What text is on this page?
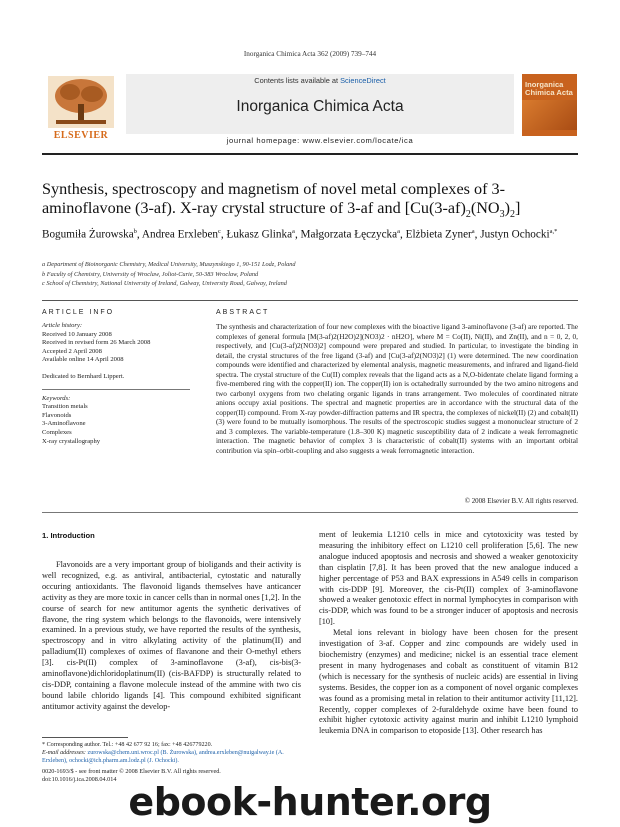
Inorganica Chimica Acta 362 (2009) 739–744
ELSEVIER
Contents lists available at ScienceDirect
Inorganica Chimica Acta
journal homepage: www.elsevier.com/locate/ica
Inorganica Chimica Acta
Synthesis, spectroscopy and magnetism of novel metal complexes of 3-aminoflavone (3-af). X-ray crystal structure of 3-af and $[Cu(3-af)_2(NO_3)_2]$
Bogumiła Żurowska$^b$, Andrea Erxleben$^c$, Łukasz Glinka$^a$, Małgorzata Łęczycka$^a$, Elżbieta Zyner$^a$, Justyn Ochocki$^{a,*}$
a Department of Bioinorganic Chemistry, Medical University, Muszynskiego 1, 90-151 Lodz, Poland
b Faculty of Chemistry, University of Wroclaw, Joliot-Curie, 50-383 Wroclaw, Poland
c School of Chemistry, National University of Ireland, Galway, University Road, Galway, Ireland
ARTICLE INFO	ABSTRACT
Article history:
Received 10 January 2008
Received in revised form 26 March 2008
Accepted 2 April 2008
Available online 14 April 2008
Dedicated to Bernhard Lippert.
Keywords:
Transition metals
Flavonoids
3-Aminoflavone
Complexes
X-ray crystallography
The synthesis and characterization of four new complexes with the bioactive ligand 3-aminoflavone (3-af) are reported. The complexes of general formula [M(3-af)2(H2O)2](NO3)2 · nH2O], where M = Co(II), Ni(II), and Zn(II), and n = 0, 2, 0, respectively, and [Cu(3-af)2(NO3)2] compound were prepared and studied. In particular, to investigate the binding in detail, the crystal structures of the free ligand (3-af) and [Cu(3-af)2(NO3)2] (1) were determined. The new coordination compounds were identified and characterized by elemental analysis, magnetic measurements, and infrared and ligand-field spectra. The crystal structure of the Cu(II) complex reveals that the ligand acts as a N,O-bidentate chelate ligand forming a five-membered ring with the copper(II) ion. The copper(II) ion is octahedrally surrounded by the two amino nitrogens and two carbonyl oxygens from two chelating organic ligands in trans arrangement. Two molecules of coordinated nitrate anions occupy axial positions. The spectral and magnetic properties are in accordance with the structural data of the copper(II) compound. From X-ray powder-diffraction patterns and IR spectra, the complexes of nickel(II) (2) and cobalt(II) (3) were found to be mutually isomorphous. The results of the spectroscopic studies suggest a mononuclear structure of 2 and 3 complexes. The variable-temperature (1.8–300 K) magnetic susceptibility data of 2 indicate a weak ferromagnetic interaction. The magnetic behavior of complex 3 is characteristic of cobalt(II) systems with an important orbital contribution via spin–orbit-coupling and also suggests a weak ferromagnetic interaction.
© 2008 Elsevier B.V. All rights reserved.
1. Introduction

Flavonoids are a very important group of bioligands and their activity is well recognized, e.g. as antiviral, antibacterial, cytostatic and naturally occuring antioxidants. The flavonoid ligands themselves have anticancer activity as they are more toxic in cancer cells than in normal ones [1,2]. In the course of search for new antitumor agents the synthetic derivatives of flavone, the ring system which belongs to the flavonoids, were intensively examined. In a previous study, we have reported the results of the synthesis, spectroscopy and in vitro alkylating activity of the platinum(II) and palladium(II) complexes of oximes of flavanone and their O-methyl ethers [3]. cis-Pt(II) complex of 3-aminoflavone (3-af), cis-bis(3-aminoflavone)dichloridoplatinum(II) (cis-BAFDP) is structurally related to cis-DDP, containing a flavone molecule instead of the ammine with two cis bound labile chlorido ligands [4]. This compound exhibited significant antitumor activity against the develop-

ment of leukemia L1210 cells in mice and cytotoxicity was tested by measuring the inhibitory effect on L1210 cell proliferation [5,6]. The new analogue induced apoptosis and necrosis and showed a weaker genotoxicity than cisplatin [7,8]. It has been proved that the new analogue induced a higher percentage of P53 and BAX expressions in A549 cells in comparison with cis-DDP [9]. Moreover, the cis-Pt(II) complex of 3-aminoflavone showed a weaker genotoxic effect in normal lymphocytes in comparison with cis-DDP, which was found to be a stronger inducer of apoptosis and necrosis [10].

Metal ions relevant in biology have been chosen for the present investigation of 3-af. Copper and zinc compounds are widely used in biochemistry (enzymes) and medicine; nickel is an essential trace element present in many hydrogenases and cobalt as constituent of vitamin B12 (which is necessary for the synthesis of nucleic acids) are essential in living systems. Besides, the copper ion as a component of novel organic complexes was found as a promising metal in relation to their antitumor activity [11,12]. Recently, copper complexes of 2-furaldehyde oxime have been found to exhibit higher cytotoxic activity against murin and inhibit L1210 lymphoid leukemia DNA in comparison to etoposide [13]. Other research has

* Corresponding author. Tel.: +48 42 677 92 16; fax: +48 426779220.
E-mail addresses: zurowska@chem.uni.wroc.pl (B. Żurowska), andrea.erxleben@nuigalway.ie (A. Erxleben), ochocki@ich.pharm.am.lodz.pl (J. Ochocki).
0020-1693/$ - see front matter © 2008 Elsevier B.V. All rights reserved.
doi:10.1016/j.ica.2008.04.014
ebook-hunter.org
